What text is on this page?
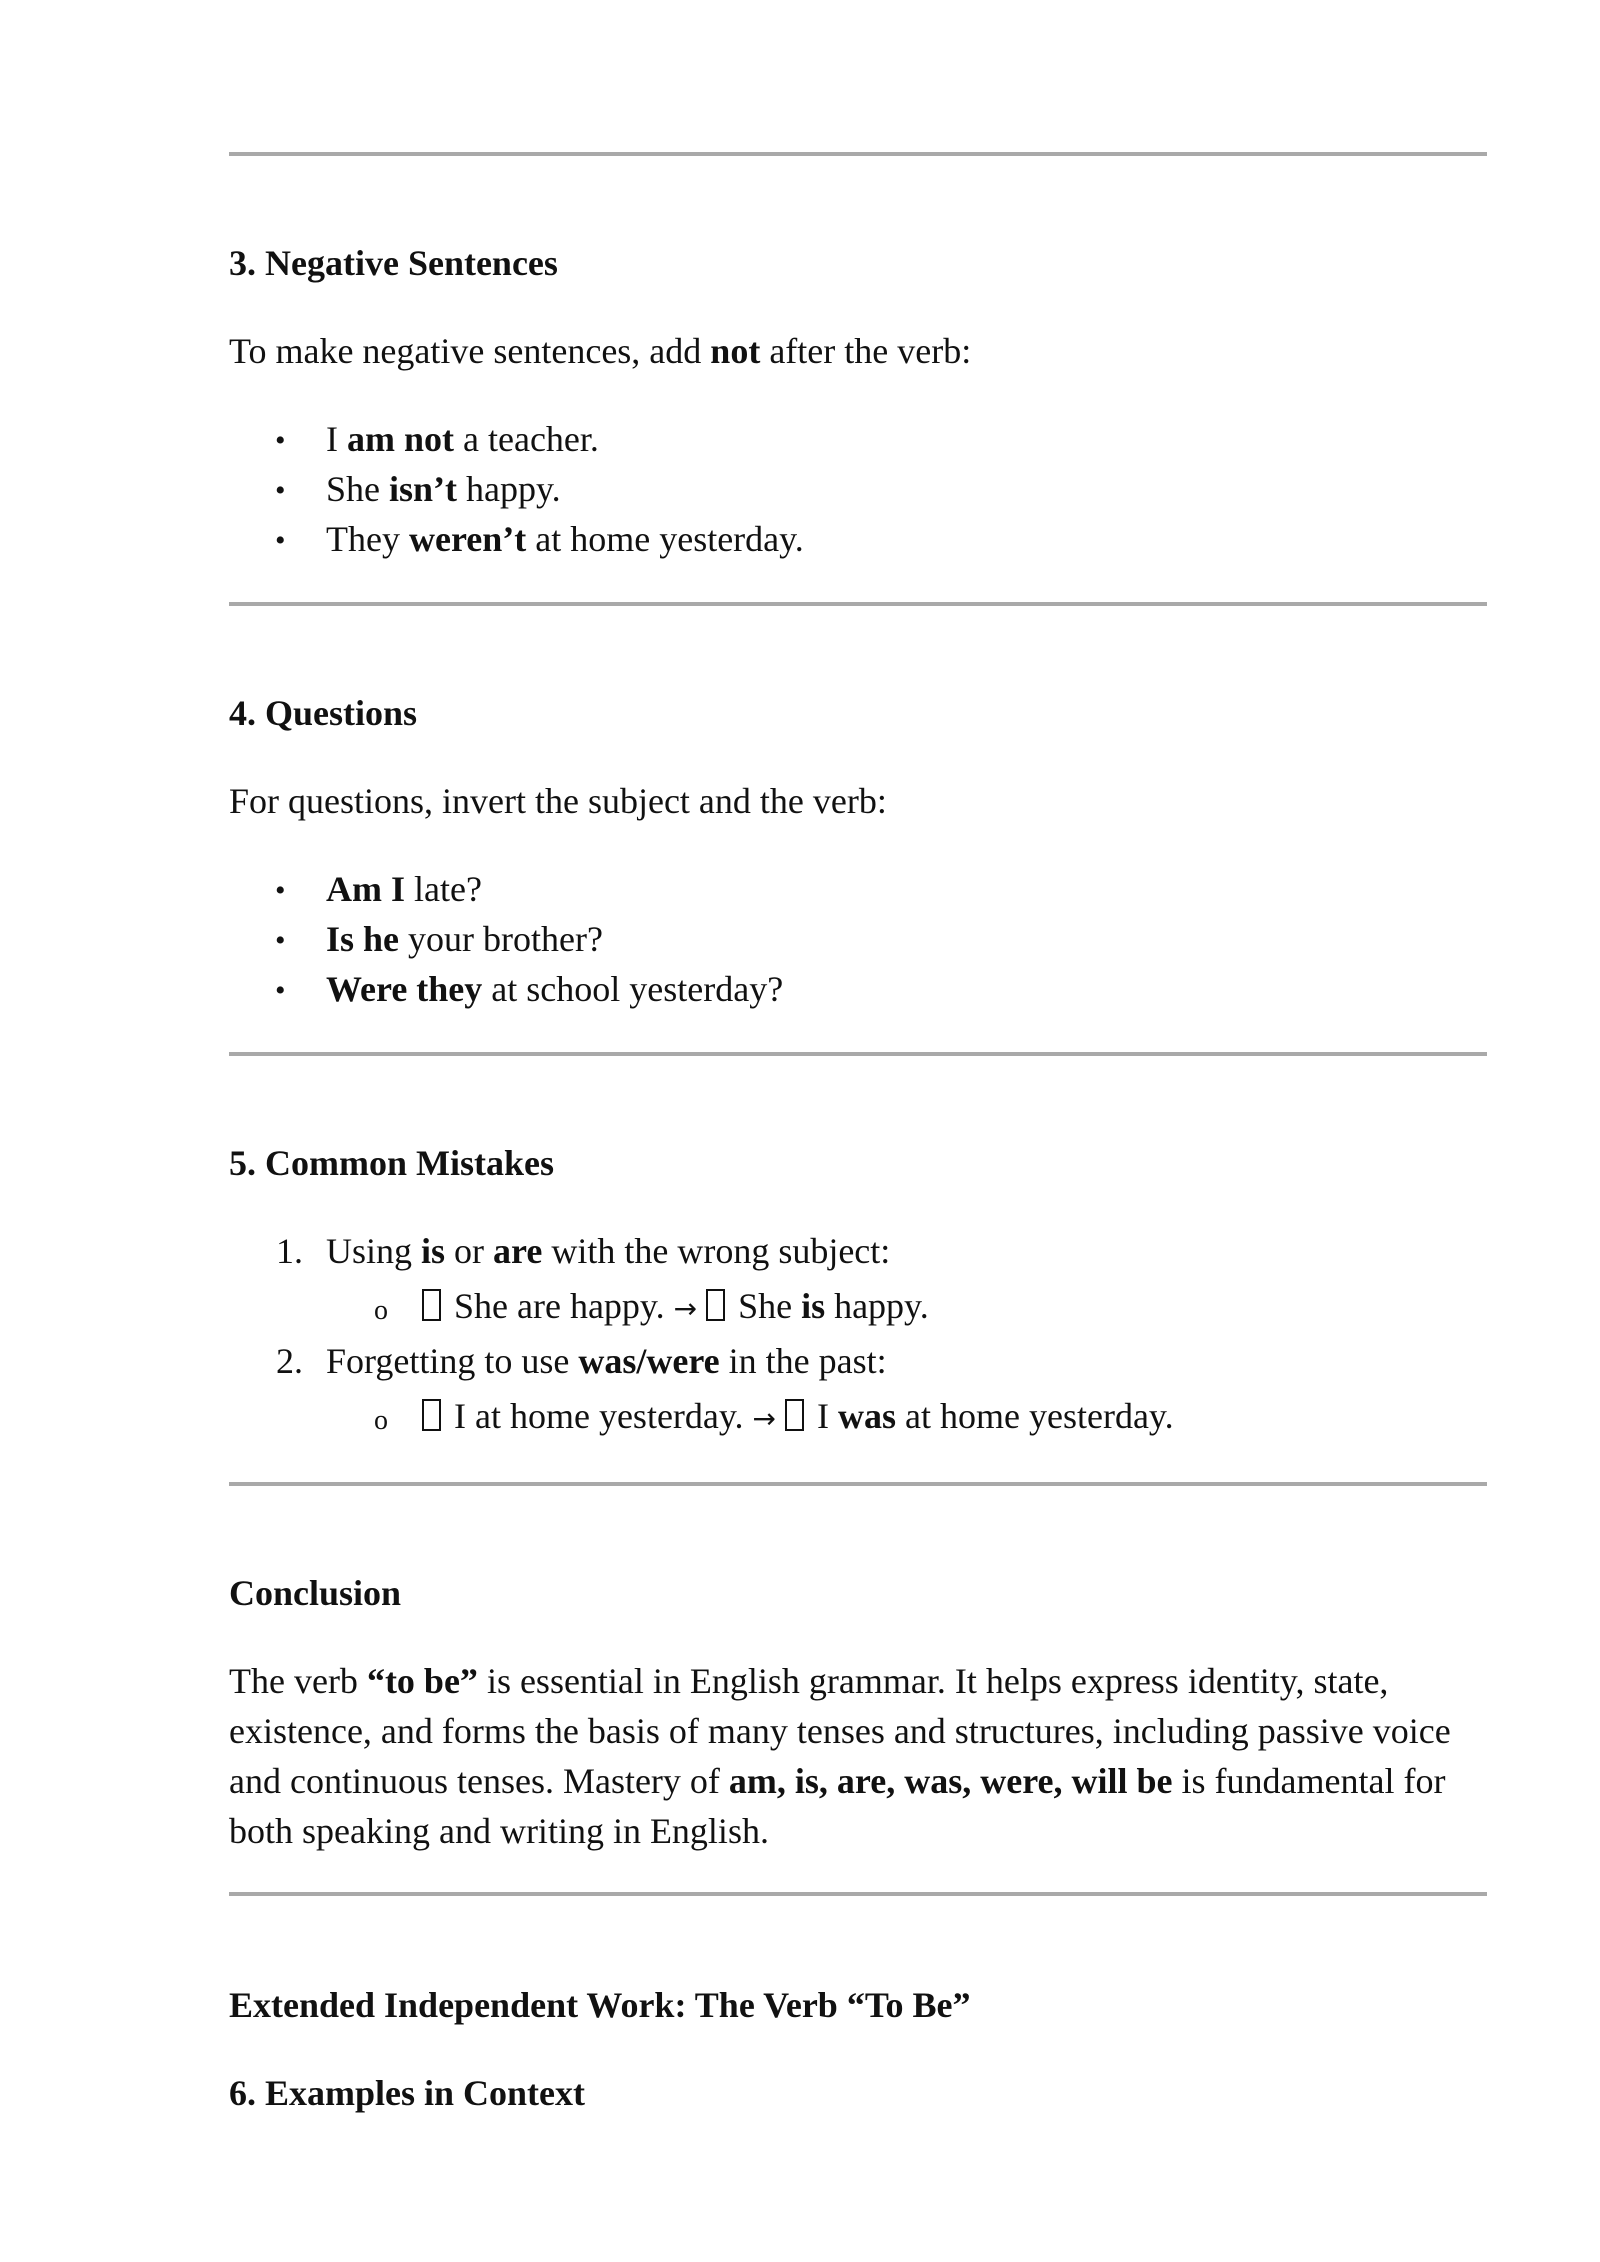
3. Negative Sentences
To make negative sentences, add not after the verb:
• I am not a teacher.
• She isn’t happy.
• They weren’t at home yesterday.
4. Questions
For questions, invert the subject and the verb:
• Am I late?
• Is he your brother?
• Were they at school yesterday?
5. Common Mistakes
1. Using is or are with the wrong subject:
o	She are happy. → She is happy.
2. Forgetting to use was/were in the past:
o	I at home yesterday. → I was at home yesterday.
Conclusion
The verb “to be” is essential in English grammar. It helps express identity, state, existence, and forms the basis of many tenses and structures, including passive voice and continuous tenses. Mastery of am, is, are, was, were, will be is fundamental for both speaking and writing in English.
Extended Independent Work: The Verb “To Be”
6. Examples in Context
